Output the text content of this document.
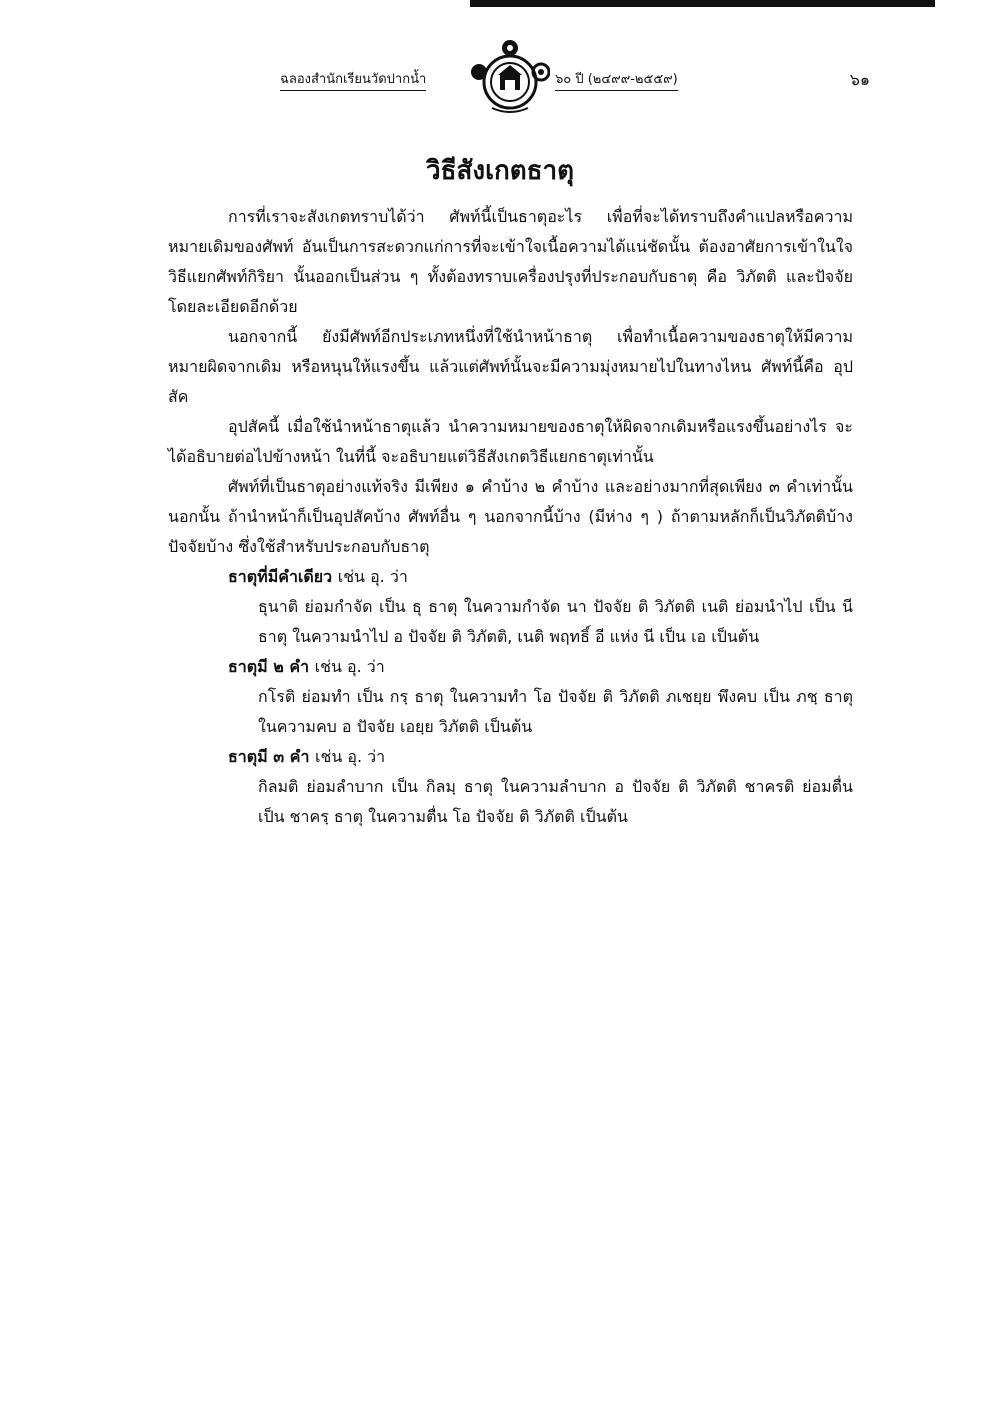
ฉลองสำนักเรียนวัดปากน้ำ	๖๐ ปี (๒๔๙๙-๒๕๕๙)	๖๑
วิธีสังเกตธาตุ

การที่เราจะสังเกตทราบได้ว่า ศัพท์นี้เป็นธาตุอะไร เพื่อที่จะได้ทราบถึงคำแปลหรือความหมายเดิมของศัพท์ อันเป็นการสะดวกแก่การที่จะเข้าใจเนื้อความได้แน่ชัดนั้น ต้องอาศัยการเข้าในใจวิธีแยกศัพท์กิริยา นั้นออกเป็นส่วน ๆ ทั้งต้องทราบเครื่องปรุงที่ประกอบกับธาตุ คือ วิภัตติ และปัจจัย โดยละเอียดอีกด้วย

นอกจากนี้ ยังมีศัพท์อีกประเภทหนึ่งที่ใช้นำหน้าธาตุ เพื่อทำเนื้อความของธาตุให้มีความหมายผิดจากเดิม หรือหนุนให้แรงขึ้น แล้วแต่ศัพท์นั้นจะมีความมุ่งหมายไปในทางไหน ศัพท์นี้คือ อุปสัค

อุปสัคนี้ เมื่อใช้นำหน้าธาตุแล้ว นำความหมายของธาตุให้ผิดจากเดิมหรือแรงขึ้นอย่างไร จะได้อธิบายต่อไปข้างหน้า ในที่นี้ จะอธิบายแต่วิธีสังเกตวิธีแยกธาตุเท่านั้น

ศัพท์ที่เป็นธาตุอย่างแท้จริง มีเพียง ๑ คำบ้าง ๒ คำบ้าง และอย่างมากที่สุดเพียง ๓ คำเท่านั้น นอกนั้น ถ้านำหน้าก็เป็นอุปสัคบ้าง ศัพท์อื่น ๆ นอกจากนี้บ้าง (มีห่าง ๆ ) ถ้าตามหลักก็เป็นวิภัตติบ้าง ปัจจัยบ้าง ซึ่งใช้สำหรับประกอบกับธาตุ

ธาตุที่มีคำเดียว เช่น อุ. ว่า
ธุนาติ ย่อมกำจัด เป็น ธุ ธาตุ ในความกำจัด นา ปัจจัย ติ วิภัตติ เนติ ย่อมนำไป เป็น นี ธาตุ ในความนำไป อ ปัจจัย ติ วิภัตติ, เนติ พฤทธิ์ อี แห่ง นี เป็น เอ เป็นต้น
ธาตุมี ๒ คำ เช่น อุ. ว่า
กโรติ ย่อมทำ เป็น กรฺ ธาตุ ในความทำ โอ ปัจจัย ติ วิภัตติ ภเชยฺย พึงคบ เป็น ภชฺ ธาตุ ในความคบ อ ปัจจัย เอยฺย วิภัตติ เป็นต้น
ธาตุมี ๓ คำ เช่น อุ. ว่า
กิลมติ ย่อมลำบาก เป็น กิลมฺ ธาตุ ในความลำบาก อ ปัจจัย ติ วิภัตติ ชาครติ ย่อมตื่น เป็น ชาครฺ ธาตุ ในความตื่น โอ ปัจจัย ติ วิภัตติ เป็นต้น
